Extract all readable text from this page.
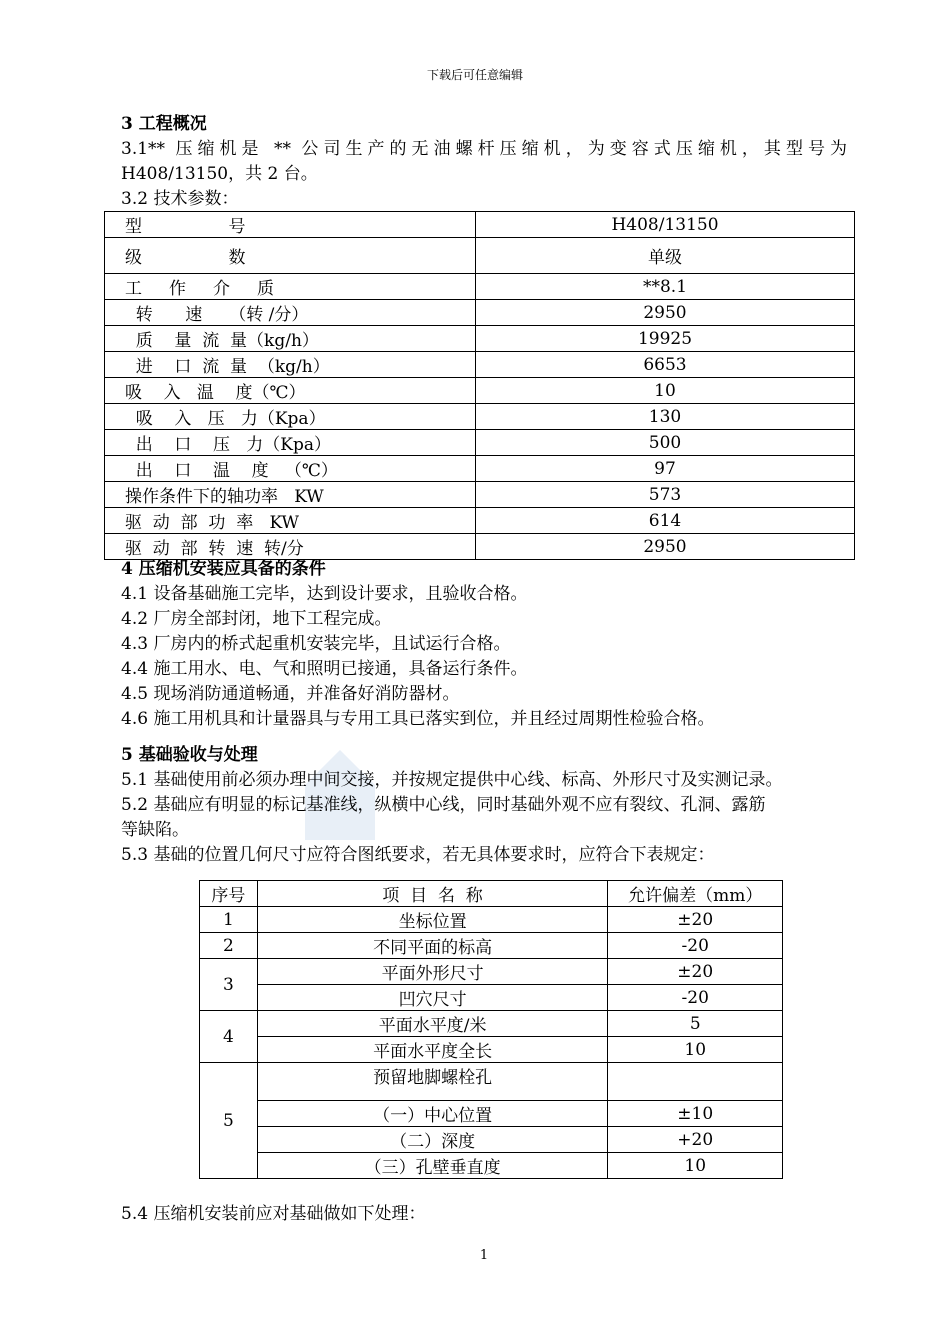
下载后可任意编辑
3 工程概况
3.1** 压缩机是 ** 公司生产的无油螺杆压缩机，为变容式压缩机，其型号为
H408/13150，共 2 台。
3.2 技术参数：
型                号	H408/13150
级                数	单级
工     作     介     质	**8.1
转      速     （转 /分）	2950
质    量  流  量（kg/h）	19925
进    口  流  量  （kg/h）	6653
吸    入   温    度（℃）	10
吸    入   压   力（Kpa）	130
出    口    压   力（Kpa）	500
出    口    温    度   （℃）	97
操作条件下的轴功率   KW	573
驱  动  部  功  率   KW	614
驱  动  部  转  速  转/分	2950
4 压缩机安装应具备的条件
4.1 设备基础施工完毕，达到设计要求，且验收合格。
4.2 厂房全部封闭，地下工程完成。
4.3 厂房内的桥式起重机安装完毕，且试运行合格。
4.4 施工用水、电、气和照明已接通，具备运行条件。
4.5 现场消防通道畅通，并准备好消防器材。
4.6 施工用机具和计量器具与专用工具已落实到位，并且经过周期性检验合格。
5 基础验收与处理
5.1 基础使用前必须办理中间交接，并按规定提供中心线、标高、外形尺寸及实测记录。
5.2 基础应有明显的标记基准线，纵横中心线，同时基础外观不应有裂纹、孔洞、露筋
等缺陷。
5.3 基础的位置几何尺寸应符合图纸要求，若无具体要求时，应符合下表规定：
序号	项  目  名  称	允许偏差（mm）
1	坐标位置	±20
2	不同平面的标高	-20
3	平面外形尺寸	±20
	凹穴尺寸	-20
4	平面水平度/米	5
	平面水平度全长	10
5	预留地脚螺栓孔	
	（一）中心位置	±10
	（二）深度	+20
	（三）孔壁垂直度	10
5.4 压缩机安装前应对基础做如下处理：
1
